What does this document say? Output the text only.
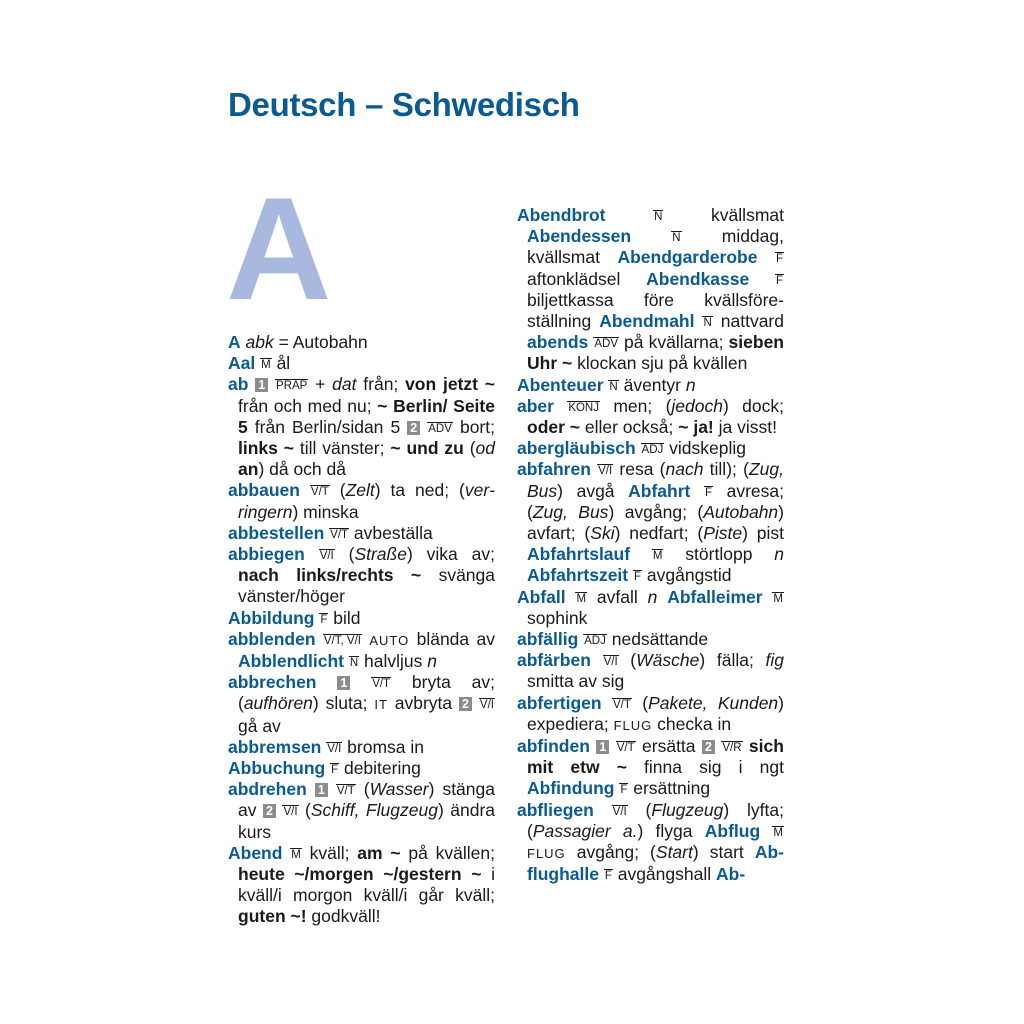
Deutsch – Schwedisch
A

A abk = Autobahn

Aal M ål

ab 1 PRÄP + dat från; von jetzt ~ från och med nu; ~ Berlin/ Seite 5 från Berlin/sidan 5 2 ADV bort; links ~ till vänster; ~ und zu (od an) då och då

abbauen V/T (Zelt) ta ned; (verringern) minska

abbestellen V/T avbeställa

abbiegen V/I (Straße) vika av; nach links/rechts ~ svänga vänster/höger

Abbildung F bild

abblenden V/T, V/I AUTO blända av Abblendlicht N halvljus n

abbrechen 1 V/T bryta av; (aufhören) sluta; IT avbryta 2 V/I gå av

abbremsen V/I bromsa in

Abbuchung F debitering

abdrehen 1 V/T (Wasser) stänga av 2 V/I (Schiff, Flugzeug) ändra kurs

Abend M kväll; am ~ på kvällen; heute ~/morgen ~/gestern ~ i kväll/i morgon kväll/i går kväll; guten ~! godkväll!

Abendbrot	N kvällsmat Abendessen	N middag, kvällsmat Abendgarderobe F aftonklädsel Abendkasse F biljettkassa före kvällsföreställning Abendmahl N nattvard abends ADV på kvällarna; sieben Uhr ~ klockan sju på kvällen

Abenteuer N äventyr n

aber KONJ men; (jedoch) dock; oder ~ eller också; ~ ja! ja visst!

abergläubisch ADJ vidskeplig

abfahren V/I resa (nach till); (Zug, Bus) avgå Abfahrt F avresa; (Zug, Bus) avgång; (Autobahn) avfart; (Ski) nedfart; (Piste) pist Abfahrtslauf M störtlopp n Abfahrtszeit F avgångstid

Abfall M avfall n Abfalleimer M sophink

abfällig ADJ nedsättande

abfärben V/I (Wäsche) fälla; fig smitta av sig

abfertigen V/T (Pakete, Kunden) expediera; FLUG checka in

abfinden 1 V/T ersätta 2 V/R sich mit etw ~ finna sig i ngt Abfindung F ersättning

abfliegen V/I (Flugzeug) lyfta; (Passagier a.) flyga Abflug M FLUG avgång; (Start) start Abflughalle F avgångshall Ab-
